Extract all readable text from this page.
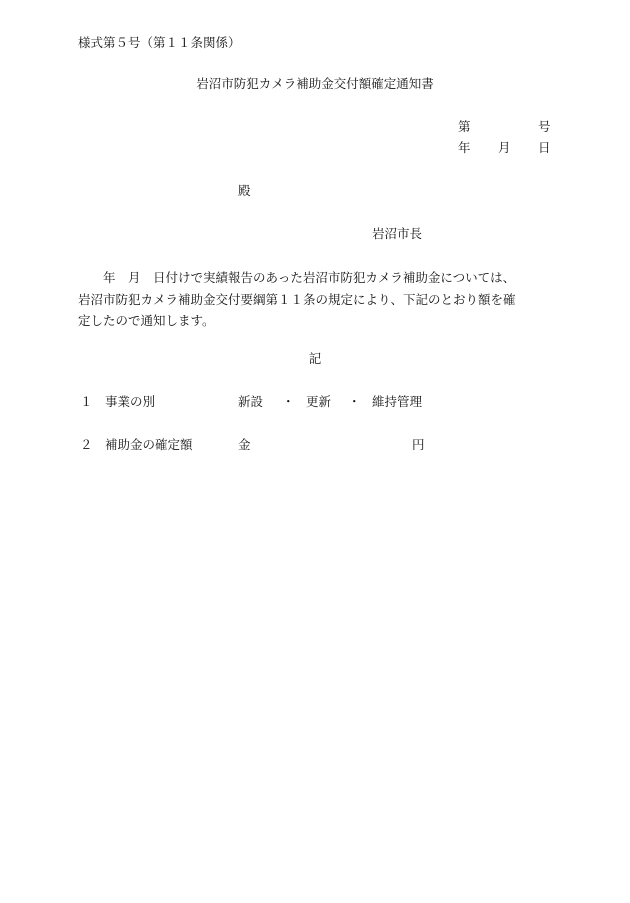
様式第５号（第１１条関係）
岩沼市防犯カメラ補助金交付額確定通知書
第	号
年 月 日
殿
岩沼市長
年　月　日付けで実績報告のあった岩沼市防犯カメラ補助金については、
岩沼市防犯カメラ補助金交付要綱第１１条の規定により、下記のとおり額を確
定したので通知します。
記
１ 事業の別	新設 ・ 更新 ・ 維持管理
２ 補助金の確定額	金	円
